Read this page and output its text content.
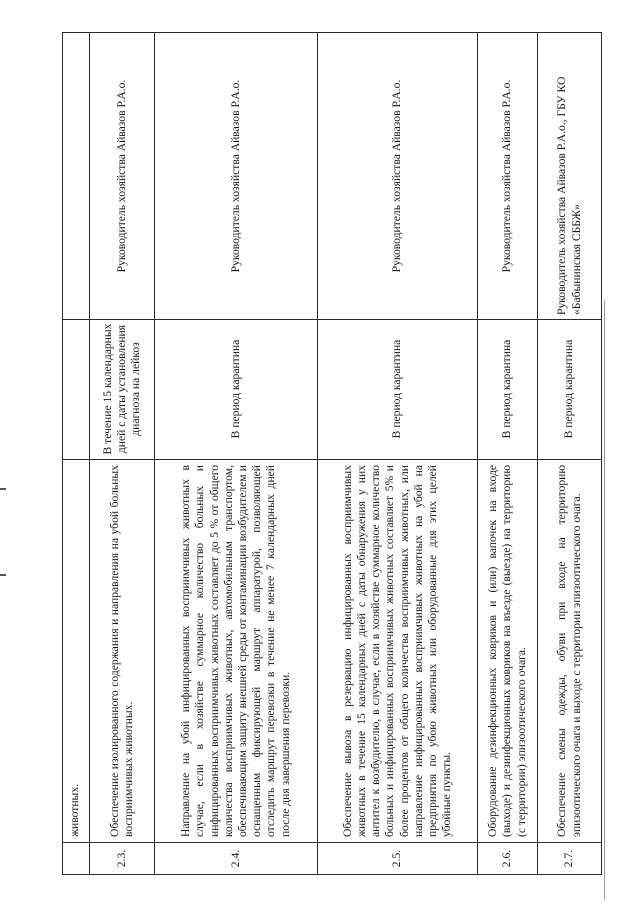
животных.
2.3.
Обеспечение изолированного содержания и направления на убой больных восприимчивых животных.
В течение 15 календарных дней с даты установления диагноза на лейкоз
Руководитель хозяйства Айвазов Р.А.о.
2.4.
Направление на убой инфицированных восприимчивых животных в случае, если в хозяйстве суммарное количество больных и инфицированных восприимчивых животных составляет до 5 % от общего количества восприимчивых животных, автомобильным транспортом, обеспечивающим защиту внешней среды от контаминации возбудителем и оснащенным фиксирующей маршрут аппаратурой, позволяющей отследить маршрут перевозки в течение не менее 7 календарных дней после дня завершения перевозки.
В период карантина
Руководитель хозяйства Айвазов Р.А.о.
2.5.
Обеспечение вывоза в резервацию инфицированных восприимчивых животных в течение 15 календарных дней с даты обнаружения у них антител к возбудителю, в случае, если в хозяйстве суммарное количество больных и инфицированных восприимчивых животных составляет 5% и более процентов от общего количества восприимчивых животных, или направление инфицированных восприимчивых животных на убой на предприятия по убою животных или оборудованные для этих целей убойные пункты.
В период карантина
Руководитель хозяйства Айвазов Р.А.о.
2.6.
Оборудование дезинфекционных ковриков и (или) вапочек на входе (выходе) и дезинфекционных ковриков на въезде (выезде) на территорию (с территории) эпизоотического очага.
В период карантина
Руководитель хозяйства Айвазов Р.А.о.
2.7.
Обеспечение смены одежды, обуви при входе на территорию эпизоотического очага и выходе с территории эпизоотического очага.
В период карантина
Руководитель хозяйства Айвазов Р.А.о., ГБУ КО «Бабынинская СББЖ»
